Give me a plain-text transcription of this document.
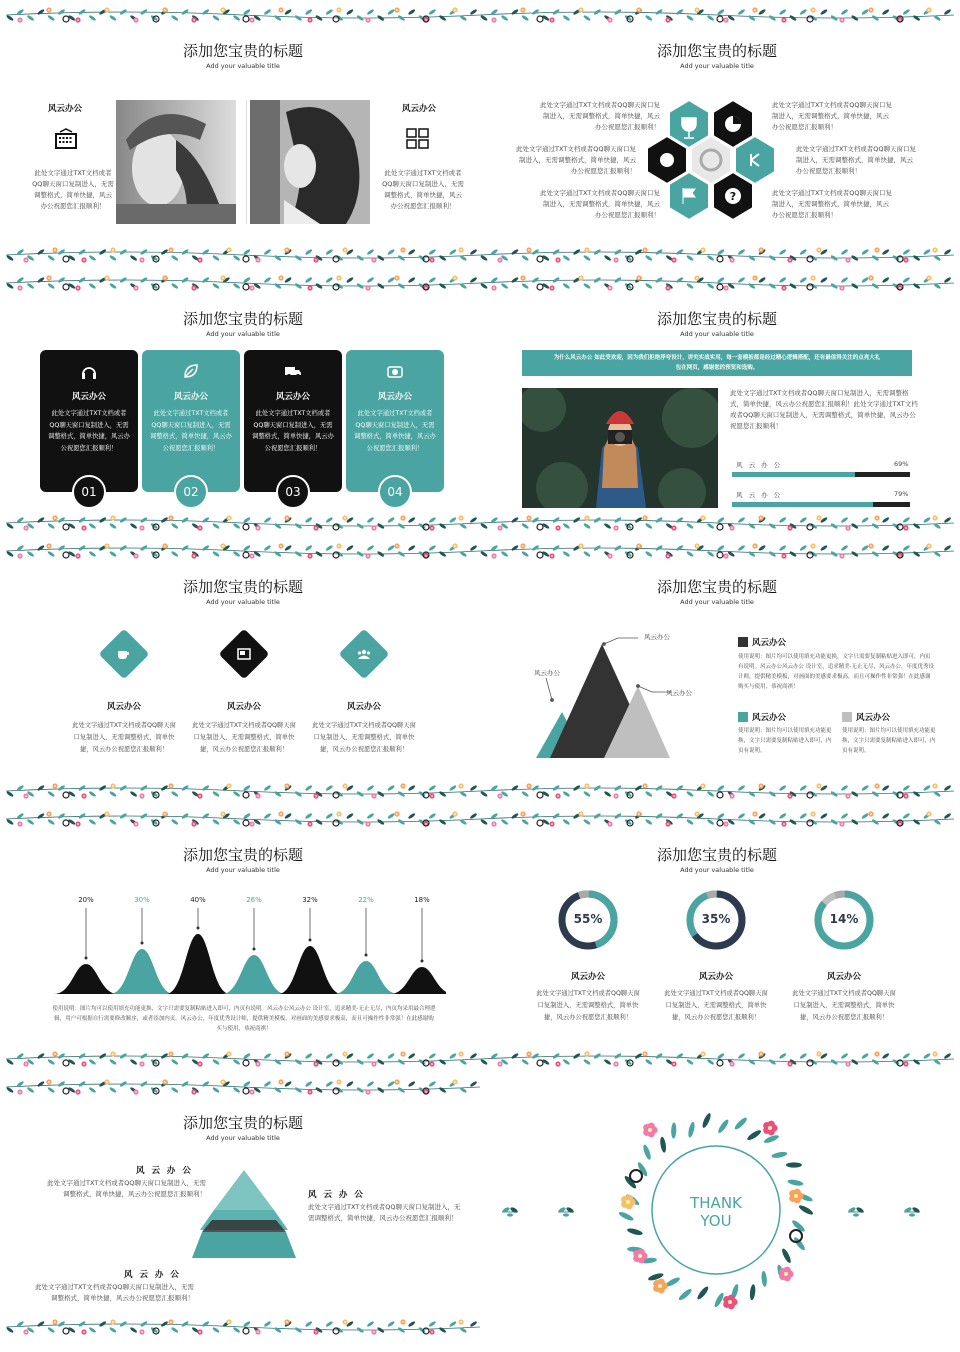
添加您宝贵的标题
Add your valuable title
风云办公
此处文字通过TXT文档或者QQ聊天窗口复制进入，无需调整格式，简单快捷，风云办公祝愿您汇报顺利！
风云办公
此处文字通过TXT文档或者QQ聊天窗口复制进入，无需调整格式，简单快捷，风云办公祝愿您汇报顺利！
添加您宝贵的标题
Add your valuable title
此处文字通过TXT文档或者QQ聊天窗口复制进入，无需调整格式，简单快捷，风云办公祝愿您汇报顺利！
此处文字通过TXT文档或者QQ聊天窗口复制进入，无需调整格式，简单快捷，风云办公祝愿您汇报顺利！
此处文字通过TXT文档或者QQ聊天窗口复制进入，无需调整格式，简单快捷，风云办公祝愿您汇报顺利！
此处文字通过TXT文档或者QQ聊天窗口复制进入，无需调整格式，简单快捷，风云办公祝愿您汇报顺利！
此处文字通过TXT文档或者QQ聊天窗口复制进入，无需调整格式，简单快捷，风云办公祝愿您汇报顺利！
此处文字通过TXT文档或者QQ聊天窗口复制进入，无需调整格式，简单快捷，风云办公祝愿您汇报顺利！
?
添加您宝贵的标题
Add your valuable title
风云办公
此处文字通过TXT文档或者QQ聊天窗口复制进入，无需调整格式，简单快捷，风云办公祝愿您汇报顺利！
01
风云办公
此处文字通过TXT文档或者QQ聊天窗口复制进入，无需调整格式，简单快捷，风云办公祝愿您汇报顺利！
02
风云办公
此处文字通过TXT文档或者QQ聊天窗口复制进入，无需调整格式，简单快捷，风云办公祝愿您汇报顺利！
03
风云办公
此处文字通过TXT文档或者QQ聊天窗口复制进入，无需调整格式，简单快捷，风云办公祝愿您汇报顺利！
04
添加您宝贵的标题
Add your valuable title
为什么风云办公 如此受欢迎，因为我们拒绝浮夸设计，讲究实战实用，每一套模板都是经过精心逻辑搭配，还有最值得关注的点亮大礼包在网页，感谢您的预览和选购。
此处文字通过TXT文档或者QQ聊天窗口复制进入，无需调整格式，简单快捷，风云办公祝愿您汇报顺利！此处文字通过TXT文档或者QQ聊天窗口复制进入，无需调整格式，简单快捷，风云办公祝愿您汇报顺利！
风 云 办 公	69%
风 云 办 公	79%
添加您宝贵的标题
Add your valuable title
风云办公
此处文字通过TXT文档或者QQ聊天窗口复制进入，无需调整格式，简单快捷，风云办公祝愿您汇报顺利！
风云办公
此处文字通过TXT文档或者QQ聊天窗口复制进入，无需调整格式，简单快捷，风云办公祝愿您汇报顺利！
风云办公
此处文字通过TXT文档或者QQ聊天窗口复制进入，无需调整格式，简单快捷，风云办公祝愿您汇报顺利！
添加您宝贵的标题
Add your valuable title
风云办公
风云办公
风云办公
风云办公
使用说明：图片均可以使用填充功能更换，文字只需要复制粘贴进入即可，内页有说明。风云办公风云办公 设计室，追求精美·无止无尽，风云办公，年度优秀设计师，提供精美模板，对画面的美感要求极高，而且可操作性非常强！在此感谢购买与使用，恭祝商祺！
风云办公
使用说明：图片均可以使用填充功能更换，文字只需要复制粘贴进入即可，内页有说明。
风云办公
使用说明：图片均可以使用填充功能更换，文字只需要复制粘贴进入即可，内页有说明。
添加您宝贵的标题
Add your valuable title
20%	30%	40%	26%	32%	22%	18%
使用说明：图片均可以使用填充功能更换，文字只需要复制粘贴进入即可，内页有说明。风云办公风云办公 设计室，追求精美·无止无尽，内页均采用最合理逻辑，用户可根据自行需要修改顺序，或者添加内页。风云办公，年度优秀设计师，提供精美模板，对画面的美感要求极高，而且可操作性非常强！在此感谢购买与使用，恭祝商祺！
添加您宝贵的标题
Add your valuable title
55%
风云办公
此处文字通过TXT文档或者QQ聊天窗口复制进入，无需调整格式，简单快捷，风云办公祝愿您汇报顺利！
35%
风云办公
此处文字通过TXT文档或者QQ聊天窗口复制进入，无需调整格式，简单快捷，风云办公祝愿您汇报顺利！
14%
风云办公
此处文字通过TXT文档或者QQ聊天窗口复制进入，无需调整格式，简单快捷，风云办公祝愿您汇报顺利！
添加您宝贵的标题
Add your valuable title
风 云 办 公
此处文字通过TXT文档或者QQ聊天窗口复制进入，无需调整格式，简单快捷，风云办公祝愿您汇报顺利！	风 云 办 公
此处文字通过TXT文档或者QQ聊天窗口复制进入，无需调整格式，简单快捷，风云办公祝愿您汇报顺利！
风 云 办 公
此处文字通过TXT文档或者QQ聊天窗口复制进入，无需调整格式，简单快捷，风云办公祝愿您汇报顺利！
THANK
YOU
